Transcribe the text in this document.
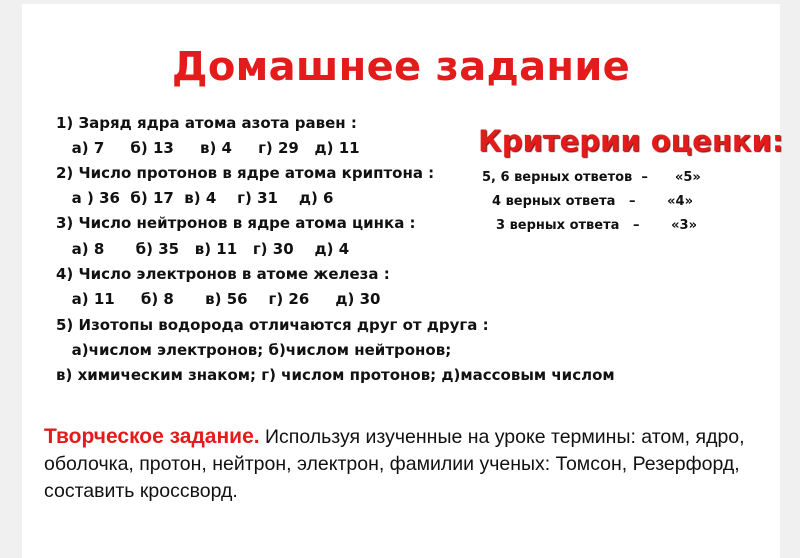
Домашнее задание
1) Заряд ядра атома азота равен :
а) 7     б) 13     в) 4     г) 29   д) 11
2) Число протонов в ядре атома криптона :
а ) 36  б) 17  в) 4    г) 31    д) 6
3) Число нейтронов в ядре атома цинка :
а) 8      б) 35   в) 11   г) 30    д) 4
4) Число электронов в атоме железа :
а) 11     б) 8      в) 56    г) 26     д) 30
5) Изотопы водорода отличаются друг от друга :
а)числом электронов; б)числом нейтронов;
в) химическим знаком; г) числом протонов; д)массовым числом
Критерии оценки:
5, 6 верных ответов  –      «5»
4 верных ответа   –       «4»
3 верных ответа   –       «3»
Творческое задание. Используя изученные на уроке термины: атом, ядро, оболочка, протон, нейтрон, электрон, фамилии ученых: Томсон, Резерфорд, составить кроссворд.
